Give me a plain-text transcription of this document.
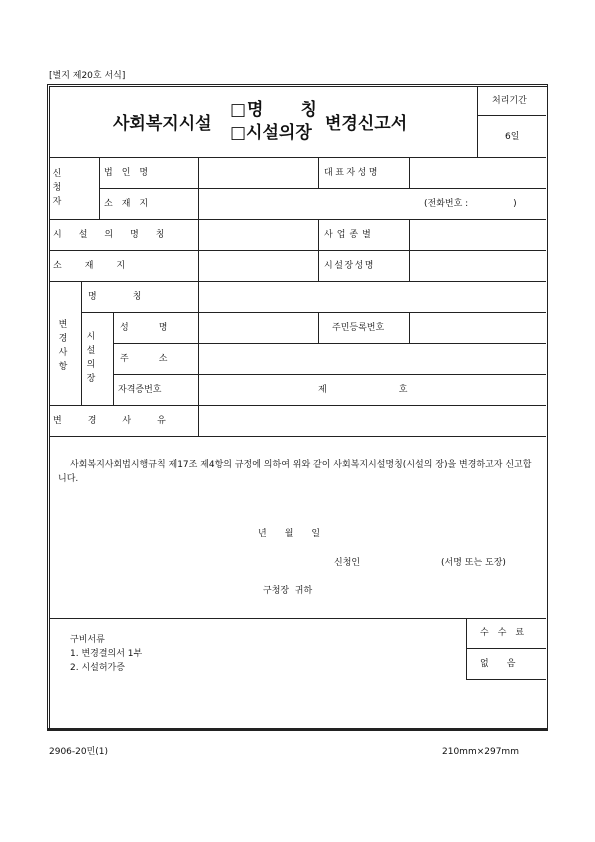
[별지 제20호 서식]
사회복지시설
□명　　칭
□시설의장 변경신고서
처리기간
6일
신청자
법　인　명	대표자성명
소　재　지	(전화번호 :　　　　　)
시설의명칭	사업종별
소　재　지	시설장성명
변경사항
명　　칭
시설의장
성　　명	주민등록번호
주　　소
자격증번호	제　　　　　　　　호
변경사유
사회복지사회법시행규칙 제17조 제4항의 규정에 의하여 위와 같이 사회복지시설명칭(시설의 장)을 변경하고자 신고합니다.
년　　월　　일
신청인	(서명 또는 도장)
구청장  귀하
수　수　료
없　　음
구비서류
1. 변경결의서 1부
2. 시설허가증
2906-20민(1)	210mm×297mm
